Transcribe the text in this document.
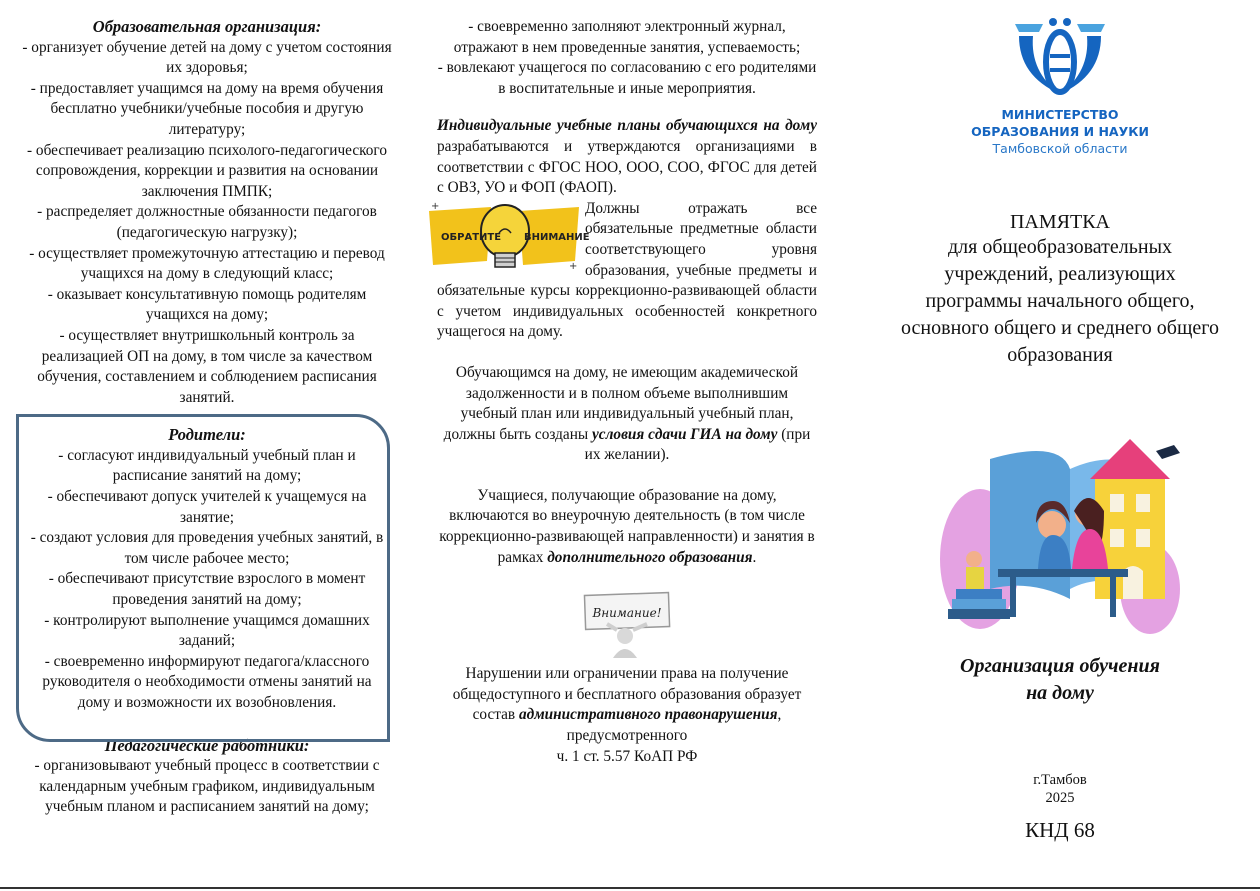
Образовательная организация:

- организует обучение детей на дому с учетом состояния их здоровья;

- предоставляет учащимся на дому на время обучения бесплатно учебники/учебные пособия и другую литературу;

- обеспечивает реализацию психолого-педагогического сопровождения, коррекции и развития на основании заключения ПМПК;

- распределяет должностные обязанности педагогов (педагогическую нагрузку);

- осуществляет промежуточную аттестацию и перевод учащихся на дому в следующий класс;

- оказывает консультативную помощь родителям учащихся на дому;

- осуществляет внутришкольный контроль за реализацией ОП на дому, в том числе за качеством обучения, составлением и соблюдением расписания занятий.

Родители:

- согласуют индивидуальный учебный план и расписание занятий на дому;

- обеспечивают допуск учителей к учащемуся на занятие;

- создают условия для проведения учебных занятий, в том числе рабочее место;

- обеспечивают присутствие взрослого в момент проведения занятий на дому;

- контролируют выполнение учащимся домашних заданий;

- своевременно информируют педагога/классного руководителя о необходимости отмены занятий на дому и возможности их возобновления.

Педагогические работники:

- организовывают учебный процесс в соответствии с календарным учебным графиком, индивидуальным учебным планом и расписанием занятий на дому;

- своевременно заполняют электронный журнал, отражают в нем проведенные занятия, успеваемость;

- вовлекают учащегося по согласованию с его родителями в воспитательные и иные мероприятия.

Индивидуальные учебные планы обучающихся на дому разрабатываются и утверждаются организациями в соответствии с ФГОС НОО, ООО, СОО, ФГОС для детей с ОВЗ, УО и ФОП (ФАОП).

+
+
ОБРАТИТЕ ВНИМАНИЕ

Должны отражать все обязательные предметные области соответствующего уровня образования, учебные предметы и обязательные курсы коррекционно-развивающей области с учетом индивидуальных особенностей конкретного учащегося на дому.

Обучающимся на дому, не имеющим академической задолженности и в полном объеме выполнившим учебный план или индивидуальный учебный план, должны быть созданы условия сдачи ГИА на дому (при их желании).

Учащиеся, получающие образование на дому, включаются во внеурочную деятельность (в том числе коррекционно-развивающей направленности) и занятия в рамках дополнительного образования.

Внимание!

Нарушении или ограничении права на получение общедоступного и бесплатного образования образует состав административного правонарушения, предусмотренного

ч. 1 ст. 5.57 КоАП РФ

МИНИСТЕРСТВО

ОБРАЗОВАНИЯ И НАУКИ

Тамбовской области

ПАМЯТКА

для общеобразовательных учреждений, реализующих программы начального общего, основного общего и среднего общего образования

Организация обучения

на дому

г.Тамбов

2025

КНД 68
